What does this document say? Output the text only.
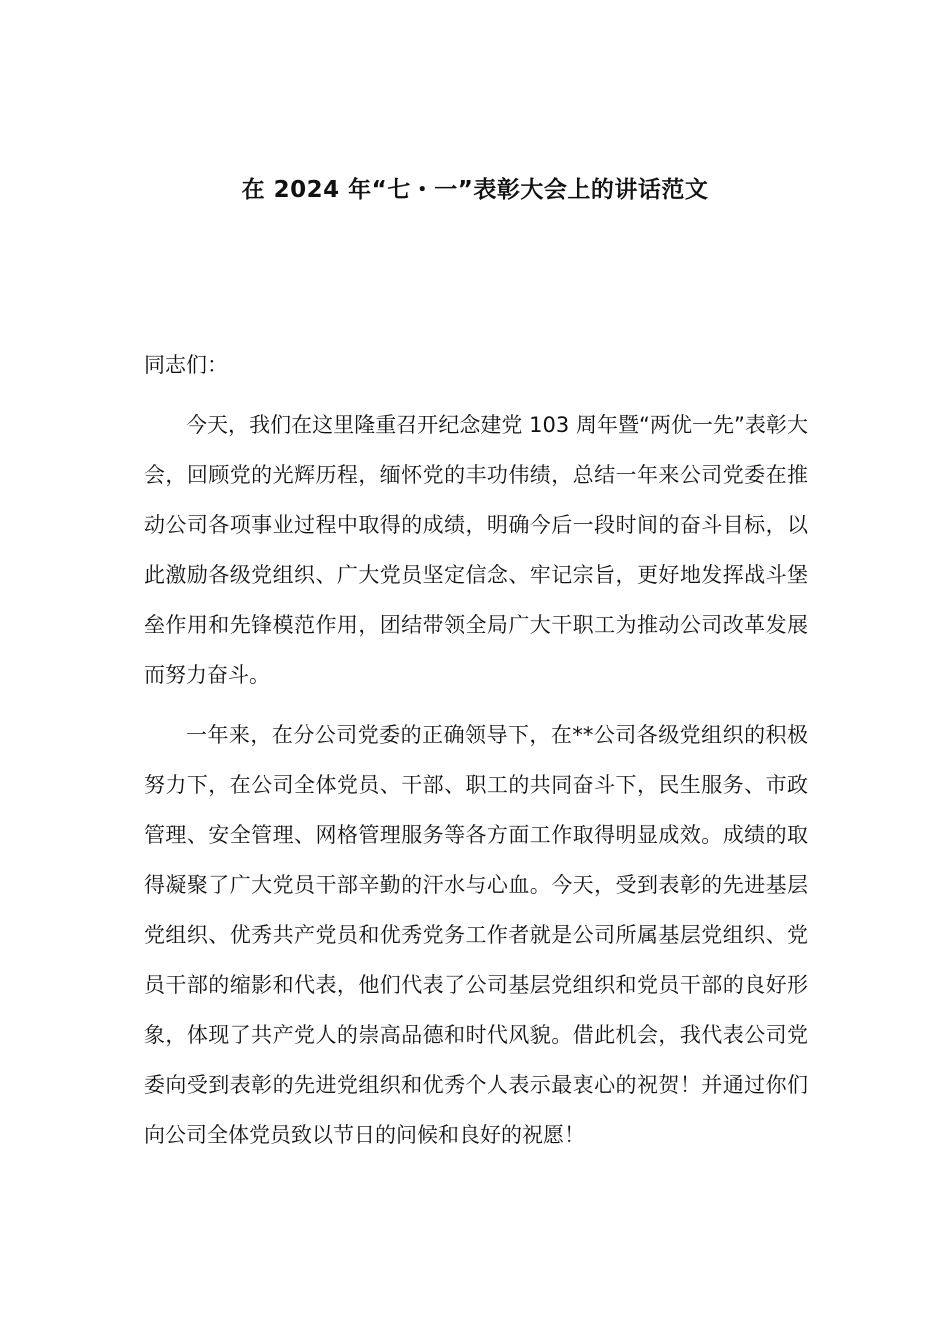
在 2024 年“七・一”表彰大会上的讲话范文

同志们：

今天，我们在这里隆重召开纪念建党 103 周年暨“两优一先”表彰大会，回顾党的光辉历程，缅怀党的丰功伟绩，总结一年来公司党委在推动公司各项事业过程中取得的成绩，明确今后一段时间的奋斗目标，以此激励各级党组织、广大党员坚定信念、牢记宗旨，更好地发挥战斗堡垒作用和先锋模范作用，团结带领全局广大干职工为推动公司改革发展而努力奋斗。

一年来，在分公司党委的正确领导下，在**公司各级党组织的积极努力下，在公司全体党员、干部、职工的共同奋斗下，民生服务、市政管理、安全管理、网格管理服务等各方面工作取得明显成效。成绩的取得凝聚了广大党员干部辛勤的汗水与心血。今天，受到表彰的先进基层党组织、优秀共产党员和优秀党务工作者就是公司所属基层党组织、党员干部的缩影和代表，他们代表了公司基层党组织和党员干部的良好形象，体现了共产党人的崇高品德和时代风貌。借此机会，我代表公司党委向受到表彰的先进党组织和优秀个人表示最衷心的祝贺！并通过你们向公司全体党员致以节日的问候和良好的祝愿！
